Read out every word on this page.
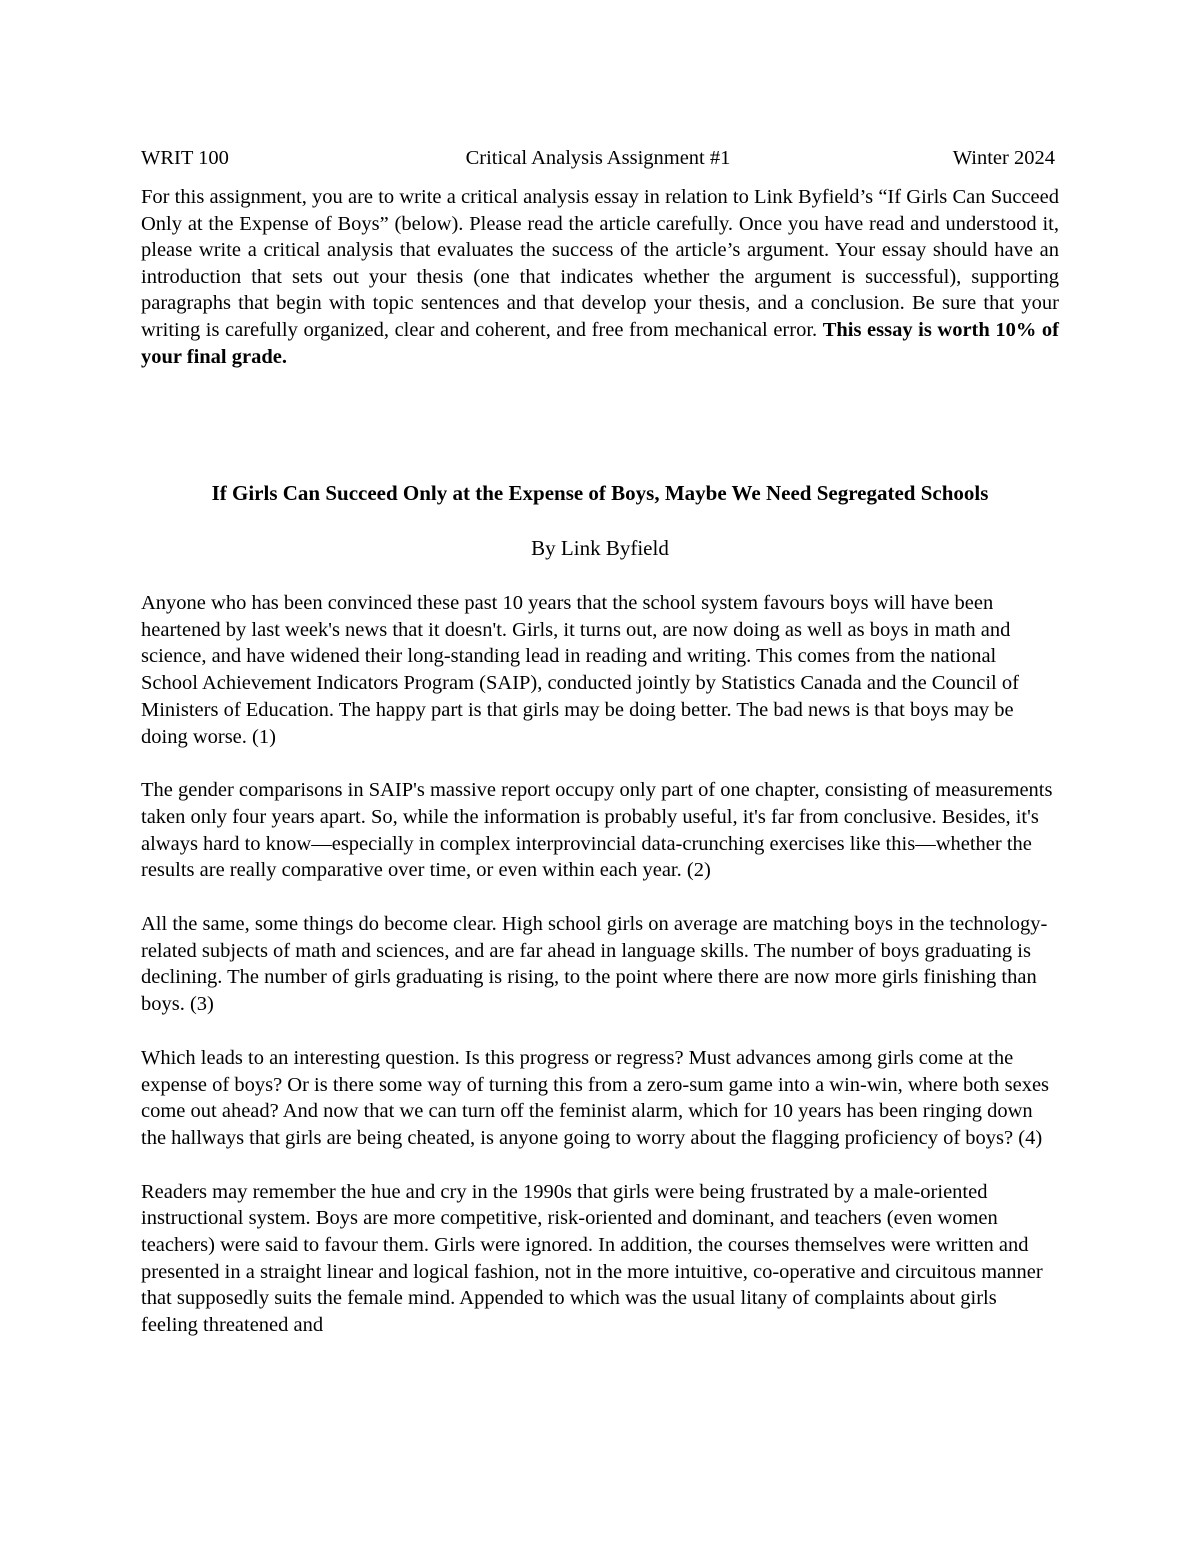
WRIT 100	Critical Analysis Assignment #1	Winter 2024

For this assignment, you are to write a critical analysis essay in relation to Link Byfield’s “If Girls Can Succeed Only at the Expense of Boys” (below). Please read the article carefully. Once you have read and understood it, please write a critical analysis that evaluates the success of the article’s argument. Your essay should have an introduction that sets out your thesis (one that indicates whether the argument is successful), supporting paragraphs that begin with topic sentences and that develop your thesis, and a conclusion. Be sure that your writing is carefully organized, clear and coherent, and free from mechanical error. This essay is worth 10% of your final grade.

If Girls Can Succeed Only at the Expense of Boys, Maybe We Need Segregated Schools

By Link Byfield

Anyone who has been convinced these past 10 years that the school system favours boys will have been heartened by last week's news that it doesn't. Girls, it turns out, are now doing as well as boys in math and science, and have widened their long-standing lead in reading and writing. This comes from the national School Achievement Indicators Program (SAIP), conducted jointly by Statistics Canada and the Council of Ministers of Education. The happy part is that girls may be doing better. The bad news is that boys may be doing worse. (1)

The gender comparisons in SAIP's massive report occupy only part of one chapter, consisting of measurements taken only four years apart. So, while the information is probably useful, it's far from conclusive. Besides, it's always hard to know—especially in complex interprovincial data-crunching exercises like this—whether the results are really comparative over time, or even within each year. (2)

All the same, some things do become clear. High school girls on average are matching boys in the technology-related subjects of math and sciences, and are far ahead in language skills. The number of boys graduating is declining. The number of girls graduating is rising, to the point where there are now more girls finishing than boys. (3)

Which leads to an interesting question. Is this progress or regress? Must advances among girls come at the expense of boys? Or is there some way of turning this from a zero-sum game into a win-win, where both sexes come out ahead? And now that we can turn off the feminist alarm, which for 10 years has been ringing down the hallways that girls are being cheated, is anyone going to worry about the flagging proficiency of boys? (4)

Readers may remember the hue and cry in the 1990s that girls were being frustrated by a male-oriented instructional system. Boys are more competitive, risk-oriented and dominant, and teachers (even women teachers) were said to favour them. Girls were ignored. In addition, the courses themselves were written and presented in a straight linear and logical fashion, not in the more intuitive, co-operative and circuitous manner that supposedly suits the female mind. Appended to which was the usual litany of complaints about girls feeling threatened and
